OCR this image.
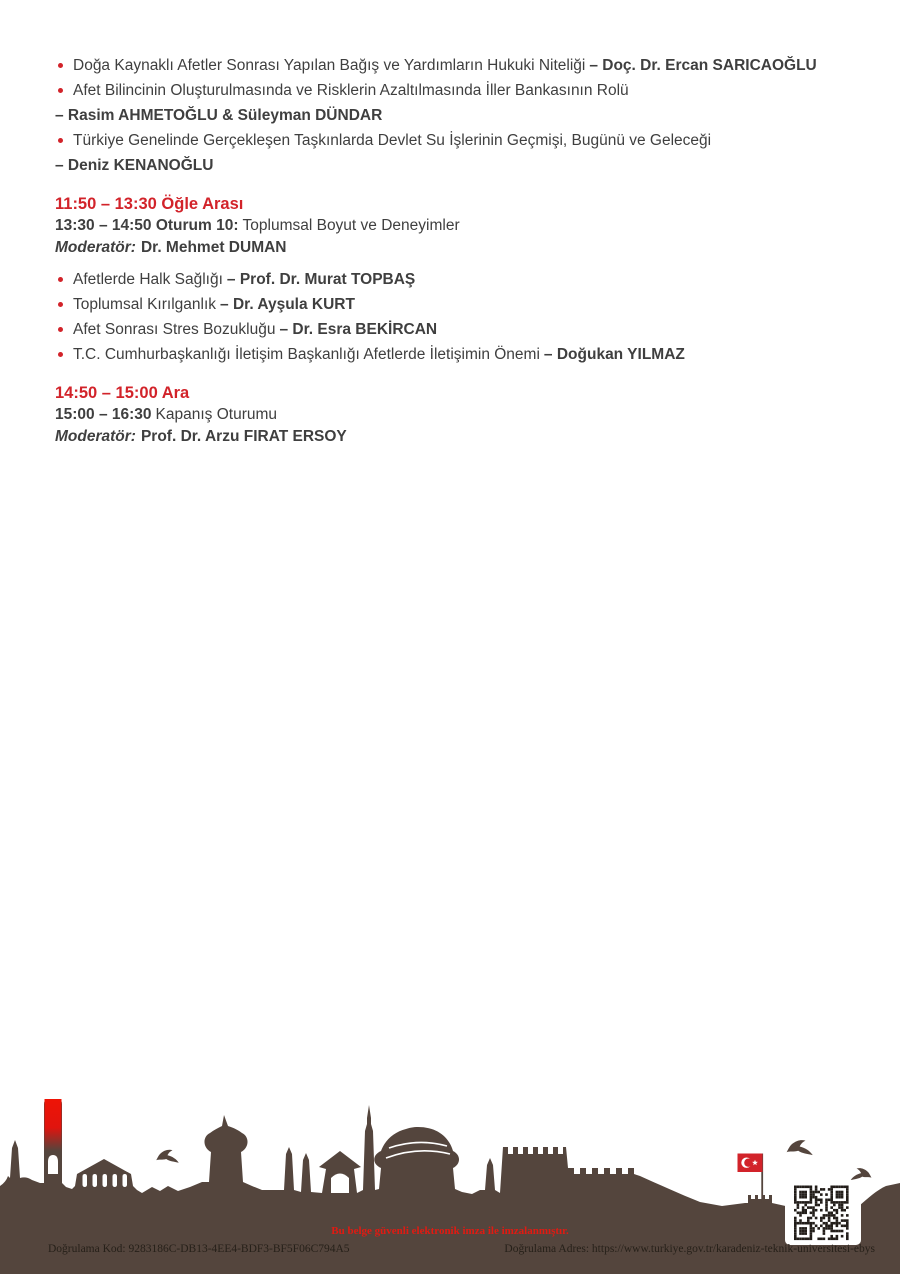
Doğa Kaynaklı Afetler Sonrası Yapılan Bağış ve Yardımların Hukuki Niteliği – Doç. Dr. Ercan SARICAOĞLU

Afet Bilincinin Oluşturulmasında ve Risklerin Azaltılmasında İller Bankasının Rolü

– Rasim AHMETOĞLU & Süleyman DÜNDAR

Türkiye Genelinde Gerçekleşen Taşkınlarda Devlet Su İşlerinin Geçmişi, Bugünü ve Geleceği

– Deniz KENANOĞLU
11:50 – 13:30 Öğle Arası
13:30 – 14:50 Oturum 10: Toplumsal Boyut ve Deneyimler
Moderatör: Dr. Mehmet DUMAN

Afetlerde Halk Sağlığı – Prof. Dr. Murat TOPBAŞ

Toplumsal Kırılganlık – Dr. Ayşula KURT

Afet Sonrası Stres Bozukluğu – Dr. Esra BEKİRCAN

T.C. Cumhurbaşkanlığı İletişim Başkanlığı Afetlerde İletişimin Önemi – Doğukan YILMAZ

14:50 – 15:00 Ara
15:00 – 16:30 Kapanış Oturumu
Moderatör: Prof. Dr. Arzu FIRAT ERSOY
Bu belge güvenli elektronik imza ile imzalanmıştır.
Doğrulama Kod: 9283186C-DB13-4EE4-BDF3-BF5F06C794A5	Doğrulama Adres: https://www.turkiye.gov.tr/karadeniz-teknik-universitesi-ebys
